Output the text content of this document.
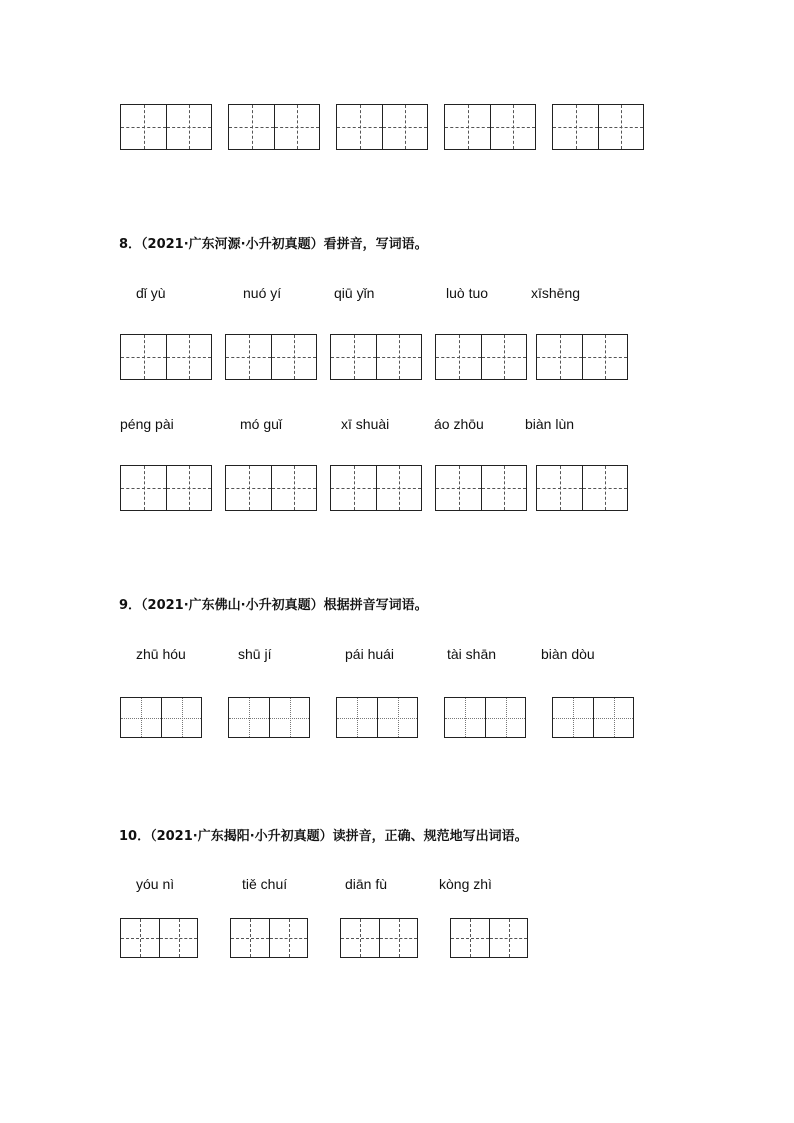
8．（2021·广东河源·小升初真题）看拼音，写词语。
dǐ yù	nuó yí	qiū yǐn	luò tuo	xīshēng
péng pài	mó ɡuǐ	xī shuài	áo zhōu	biàn lùn
9．（2021·广东佛山·小升初真题）根据拼音写词语。
zhū hóu	shū jí	pái huái	tài shān	biàn dòu
10．（2021·广东揭阳·小升初真题）读拼音，正确、规范地写出词语。
yóu nì	tiě chuí	diān fù	kònɡ zhì
